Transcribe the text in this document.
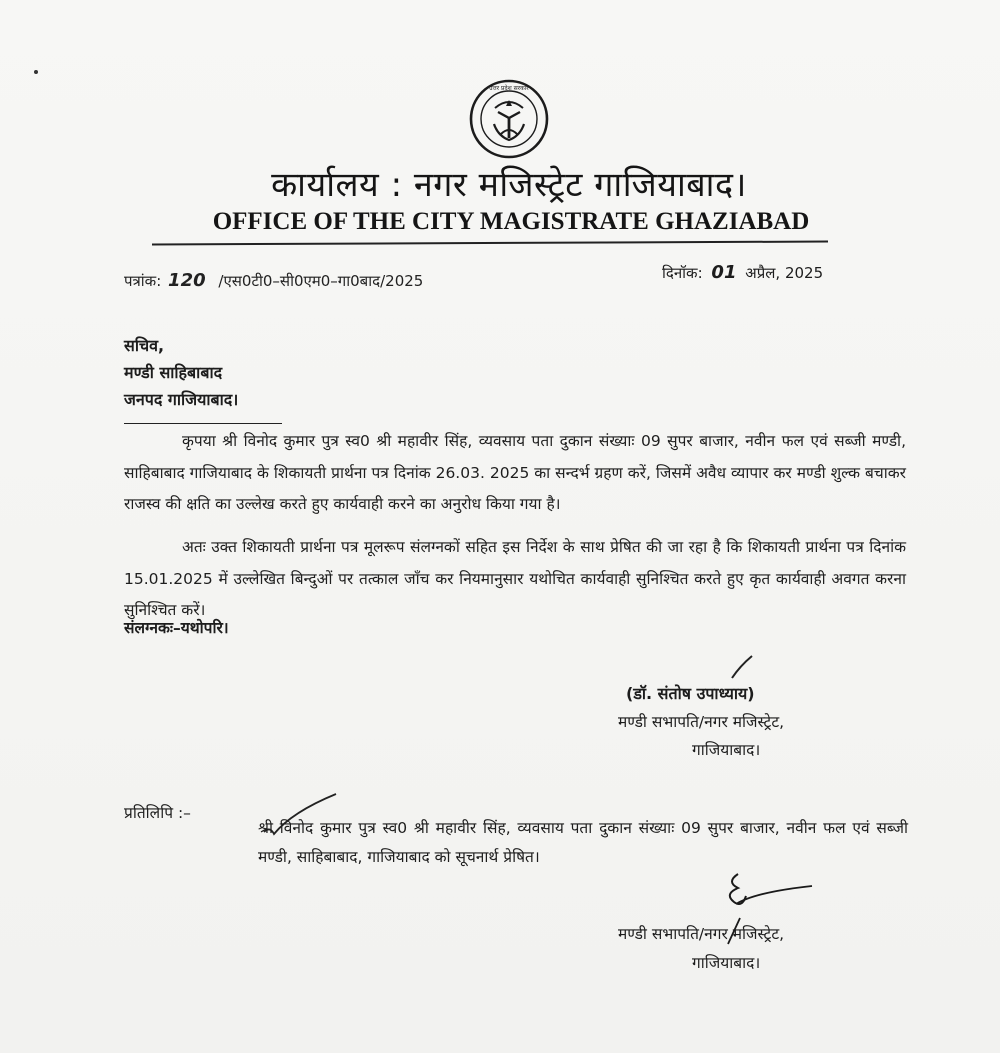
उत्तर प्रदेश सरकार
कार्यालय : नगर मजिस्ट्रेट गाजियाबाद।
OFFICE OF THE CITY MAGISTRATE GHAZIABAD
पत्रांक: 120 /एस0टी0–सी0एम0–गा0बाद/2025	दिनॉक: 01 अप्रैल, 2025
सचिव,
मण्डी साहिबाबाद
जनपद गाजियाबाद।
कृपया श्री विनोद कुमार पुत्र स्व0 श्री महावीर सिंह, व्यवसाय पता दुकान संख्याः 09 सुपर बाजार, नवीन फल एवं सब्जी मण्डी, साहिबाबाद गाजियाबाद के शिकायती प्रार्थना पत्र दिनांक 26.03. 2025 का सन्दर्भ ग्रहण करें, जिसमें अवैध व्यापार कर मण्डी शुल्क बचाकर राजस्व की क्षति का उल्लेख करते हुए कार्यवाही करने का अनुरोध किया गया है।
अतः उक्त शिकायती प्रार्थना पत्र मूलरूप संलग्नकों सहित इस निर्देश के साथ प्रेषित की जा रहा है कि शिकायती प्रार्थना पत्र दिनांक 15.01.2025 में उल्लेखित बिन्दुओं पर तत्काल जाँच कर नियमानुसार यथोचित कार्यवाही सुनिश्चित करते हुए कृत कार्यवाही अवगत करना सुनिश्चित करें।
संलग्नकः–यथोपरि।
(डॉ. संतोष उपाध्याय)
मण्डी सभापति/नगर मजिस्ट्रेट,
गाजियाबाद।
प्रतिलिपि :–
श्री विनोद कुमार पुत्र स्व0 श्री महावीर सिंह, व्यवसाय पता दुकान संख्याः 09 सुपर बाजार, नवीन फल एवं सब्जी मण्डी, साहिबाबाद, गाजियाबाद को सूचनार्थ प्रेषित।
मण्डी सभापति/नगर मजिस्ट्रेट,
गाजियाबाद।
